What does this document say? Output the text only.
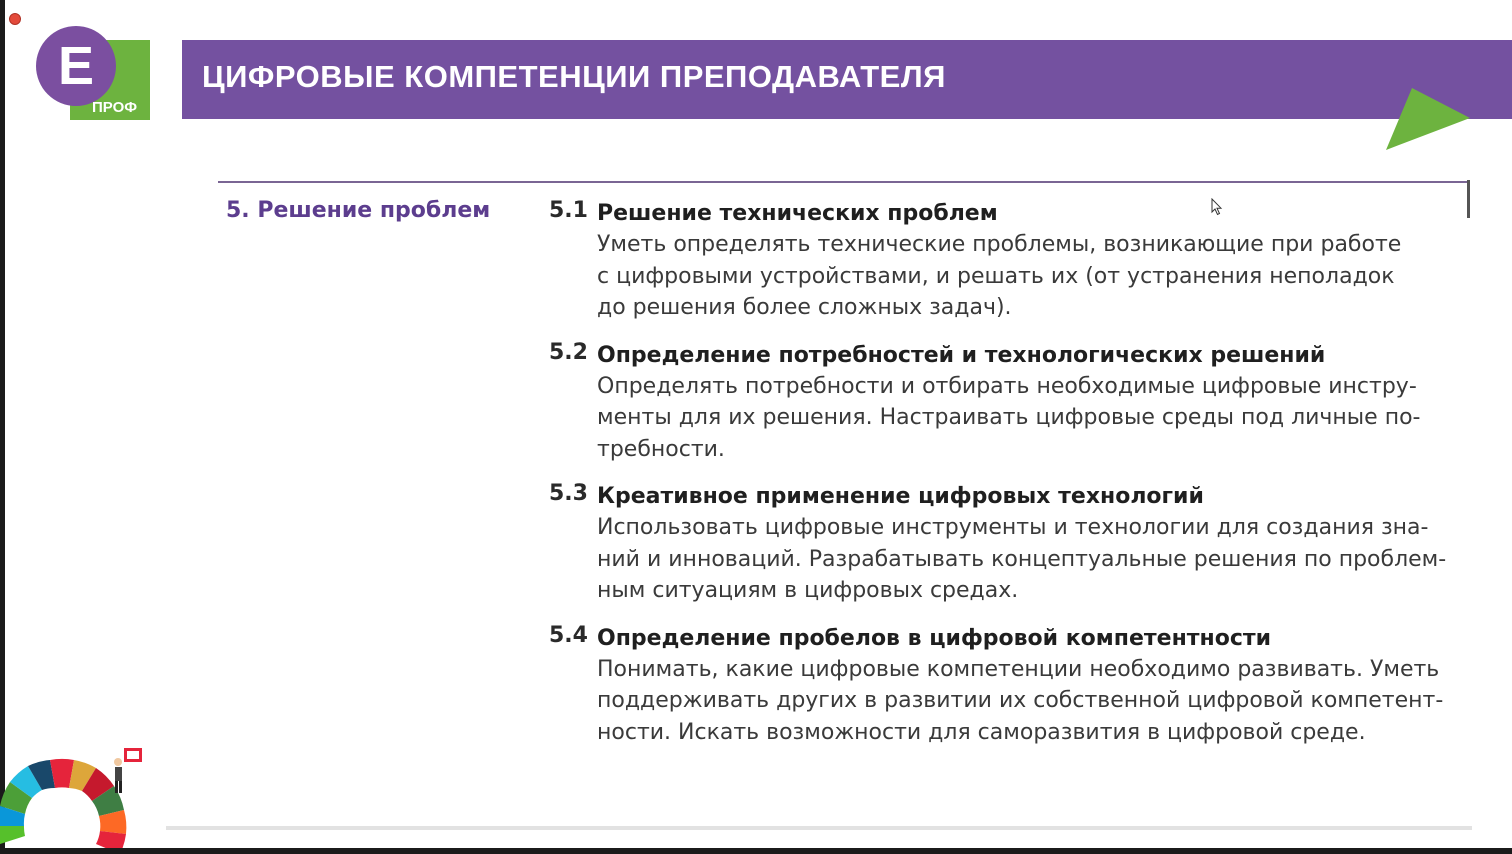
E
ПРОФ
ЦИФРОВЫЕ КОМПЕТЕНЦИИ ПРЕПОДАВАТЕЛЯ
5. Решение проблем	5.1 Решение технических проблем
Уметь определять технические проблемы, возникающие при работе
с цифровыми устройствами, и решать их (от устранения неполадок
до решения более сложных задач).
5.2 Определение потребностей и технологических решений
Определять потребности и отбирать необходимые цифровые инстру-
менты для их решения. Настраивать цифровые среды под личные по-
требности.
5.3 Креативное применение цифровых технологий
Использовать цифровые инструменты и технологии для создания зна-
ний и инноваций. Разрабатывать концептуальные решения по проблем-
ным ситуациям в цифровых средах.
5.4 Определение пробелов в цифровой компетентности
Понимать, какие цифровые компетенции необходимо развивать. Уметь
поддерживать других в развитии их собственной цифровой компетент-
ности. Искать возможности для саморазвития в цифровой среде.
